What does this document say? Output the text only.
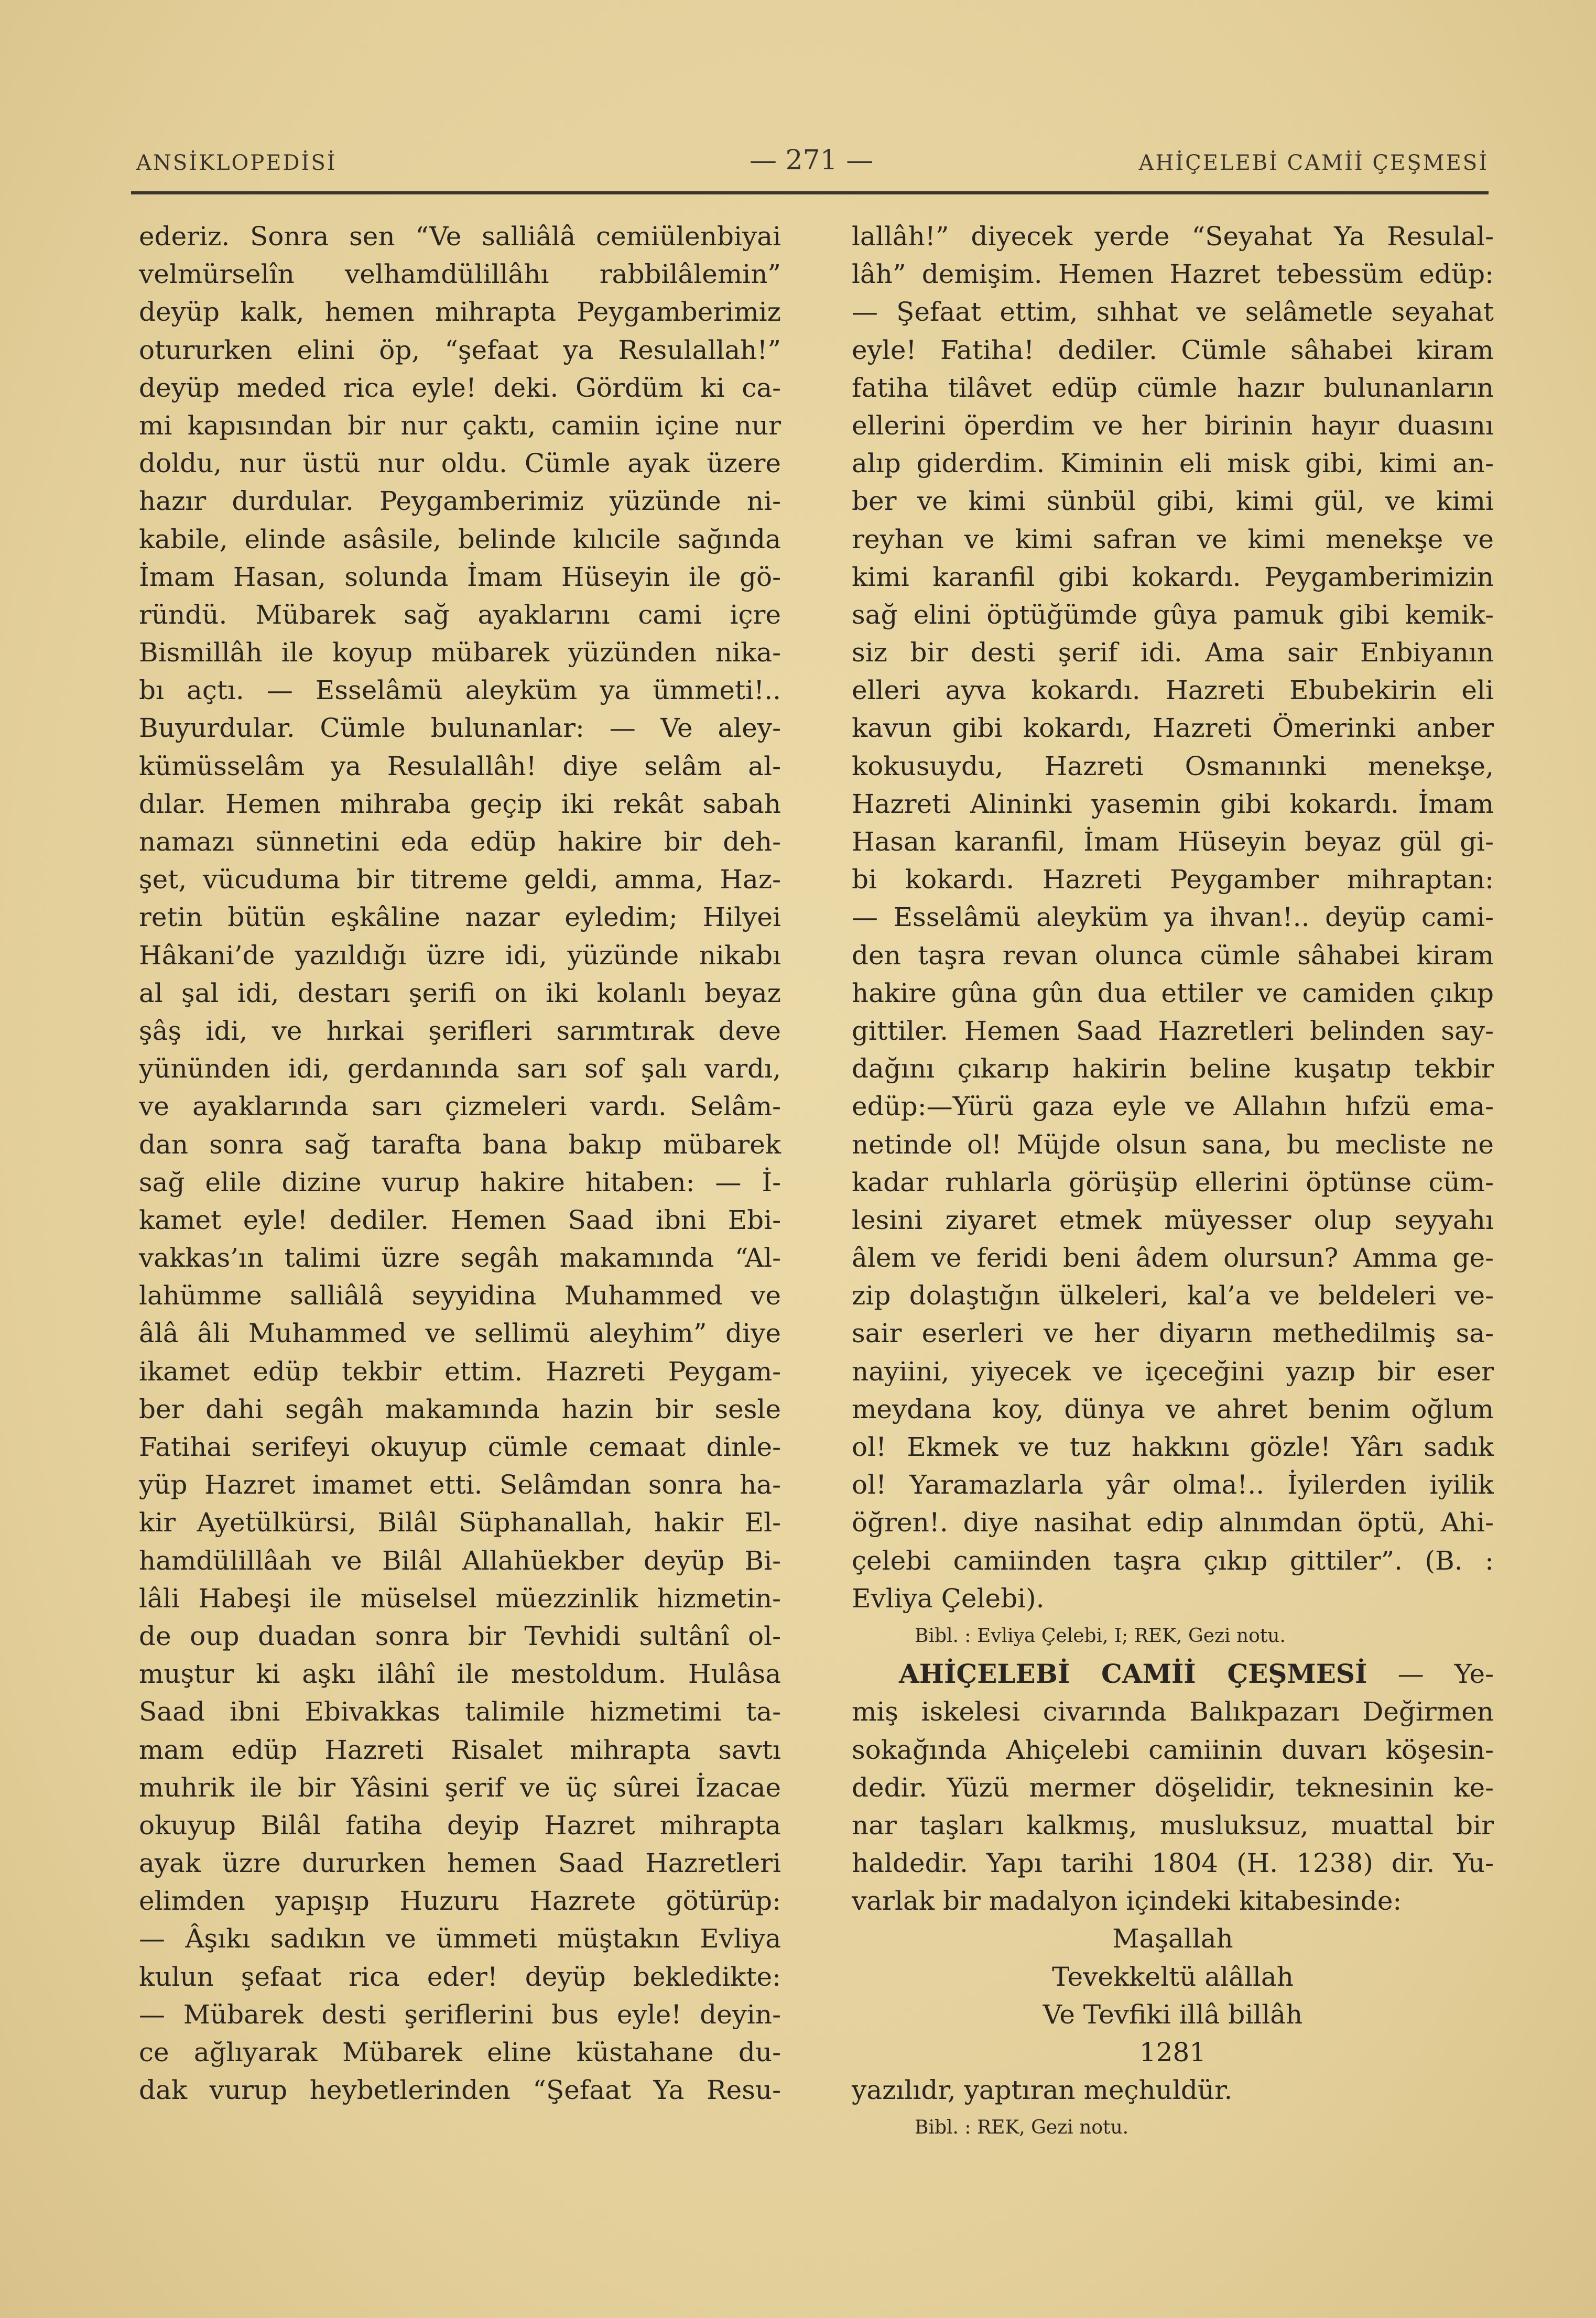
ANSİKLOPEDİSİ	— 271 —	AHİÇELEBİ CAMİİ ÇEŞMESİ
ederiz. Sonra sen “Ve salliâlâ cemiülenbiyai
velmürselîn velhamdülillâhı rabbilâlemin”
deyüp kalk, hemen mihrapta Peygamberimiz
otururken elini öp, “şefaat ya Resulallah!”
deyüp meded rica eyle! deki. Gördüm ki ca-
mi kapısından bir nur çaktı, camiin içine nur
doldu, nur üstü nur oldu. Cümle ayak üzere
hazır durdular. Peygamberimiz yüzünde ni-
kabile, elinde asâsile, belinde kılıcile sağında
İmam Hasan, solunda İmam Hüseyin ile gö-
ründü. Mübarek sağ ayaklarını cami içre
Bismillâh ile koyup mübarek yüzünden nika-
bı açtı. — Esselâmü aleyküm ya ümmeti!..
Buyurdular. Cümle bulunanlar: — Ve aley-
kümüsselâm ya Resulallâh! diye selâm al-
dılar. Hemen mihraba geçip iki rekât sabah
namazı sünnetini eda edüp hakire bir deh-
şet, vücuduma bir titreme geldi, amma, Haz-
retin bütün eşkâline nazar eyledim; Hilyei
Hâkani’de yazıldığı üzre idi, yüzünde nikabı
al şal idi, destarı şerifi on iki kolanlı beyaz
şâş idi, ve hırkai şerifleri sarımtırak deve
yününden idi, gerdanında sarı sof şalı vardı,
ve ayaklarında sarı çizmeleri vardı. Selâm-
dan sonra sağ tarafta bana bakıp mübarek
sağ elile dizine vurup hakire hitaben: — İ-
kamet eyle! dediler. Hemen Saad ibni Ebi-
vakkas’ın talimi üzre segâh makamında “Al-
lahümme salliâlâ seyyidina Muhammed ve
âlâ âli Muhammed ve sellimü aleyhim” diye
ikamet edüp tekbir ettim. Hazreti Peygam-
ber dahi segâh makamında hazin bir sesle
Fatihai serifeyi okuyup cümle cemaat dinle-
yüp Hazret imamet etti. Selâmdan sonra ha-
kir Ayetülkürsi, Bilâl Süphanallah, hakir El-
hamdülillâah ve Bilâl Allahüekber deyüp Bi-
lâli Habeşi ile müselsel müezzinlik hizmetin-
de oup duadan sonra bir Tevhidi sultânî ol-
muştur ki aşkı ilâhî ile mestoldum. Hulâsa
Saad ibni Ebivakkas talimile hizmetimi ta-
mam edüp Hazreti Risalet mihrapta savtı
muhrik ile bir Yâsini şerif ve üç sûrei İzacae
okuyup Bilâl fatiha deyip Hazret mihrapta
ayak üzre dururken hemen Saad Hazretleri
elimden yapışıp Huzuru Hazrete götürüp:
— Âşıkı sadıkın ve ümmeti müştakın Evliya
kulun şefaat rica eder! deyüp bekledikte:
— Mübarek desti şeriflerini bus eyle! deyin-
ce ağlıyarak Mübarek eline küstahane du-
dak vurup heybetlerinden “Şefaat Ya Resu-
lallâh!” diyecek yerde “Seyahat Ya Resulal-
lâh” demişim. Hemen Hazret tebessüm edüp:
— Şefaat ettim, sıhhat ve selâmetle seyahat
eyle! Fatiha! dediler. Cümle sâhabei kiram
fatiha tilâvet edüp cümle hazır bulunanların
ellerini öperdim ve her birinin hayır duasını
alıp giderdim. Kiminin eli misk gibi, kimi an-
ber ve kimi sünbül gibi, kimi gül, ve kimi
reyhan ve kimi safran ve kimi menekşe ve
kimi karanfil gibi kokardı. Peygamberimizin
sağ elini öptüğümde gûya pamuk gibi kemik-
siz bir desti şerif idi. Ama sair Enbiyanın
elleri ayva kokardı. Hazreti Ebubekirin eli
kavun gibi kokardı, Hazreti Ömerinki anber
kokusuydu, Hazreti Osmanınki menekşe,
Hazreti Alininki yasemin gibi kokardı. İmam
Hasan karanfil, İmam Hüseyin beyaz gül gi-
bi kokardı. Hazreti Peygamber mihraptan:
— Esselâmü aleyküm ya ihvan!.. deyüp cami-
den taşra revan olunca cümle sâhabei kiram
hakire gûna gûn dua ettiler ve camiden çıkıp
gittiler. Hemen Saad Hazretleri belinden say-
dağını çıkarıp hakirin beline kuşatıp tekbir
edüp:—Yürü gaza eyle ve Allahın hıfzü ema-
netinde ol! Müjde olsun sana, bu mecliste ne
kadar ruhlarla görüşüp ellerini öptünse cüm-
lesini ziyaret etmek müyesser olup seyyahı
âlem ve feridi beni âdem olursun? Amma ge-
zip dolaştığın ülkeleri, kal’a ve beldeleri ve-
sair eserleri ve her diyarın methedilmiş sa-
nayiini, yiyecek ve içeceğini yazıp bir eser
meydana koy, dünya ve ahret benim oğlum
ol! Ekmek ve tuz hakkını gözle! Yârı sadık
ol! Yaramazlarla yâr olma!.. İyilerden iyilik
öğren!. diye nasihat edip alnımdan öptü, Ahi-
çelebi camiinden taşra çıkıp gittiler”. (B. :
Evliya Çelebi).
Bibl. : Evliya Çelebi, I; REK, Gezi notu.
AHİÇELEBİ CAMİİ ÇEŞMESİ — Ye-
miş iskelesi civarında Balıkpazarı Değirmen
sokağında Ahiçelebi camiinin duvarı köşesin-
dedir. Yüzü mermer döşelidir, teknesinin ke-
nar taşları kalkmış, musluksuz, muattal bir
haldedir. Yapı tarihi 1804 (H. 1238) dir. Yu-
varlak bir madalyon içindeki kitabesinde:
Maşallah
Tevekkeltü alâllah
Ve Tevfiki illâ billâh
1281
yazılıdr, yaptıran meçhuldür.
Bibl. : REK, Gezi notu.
